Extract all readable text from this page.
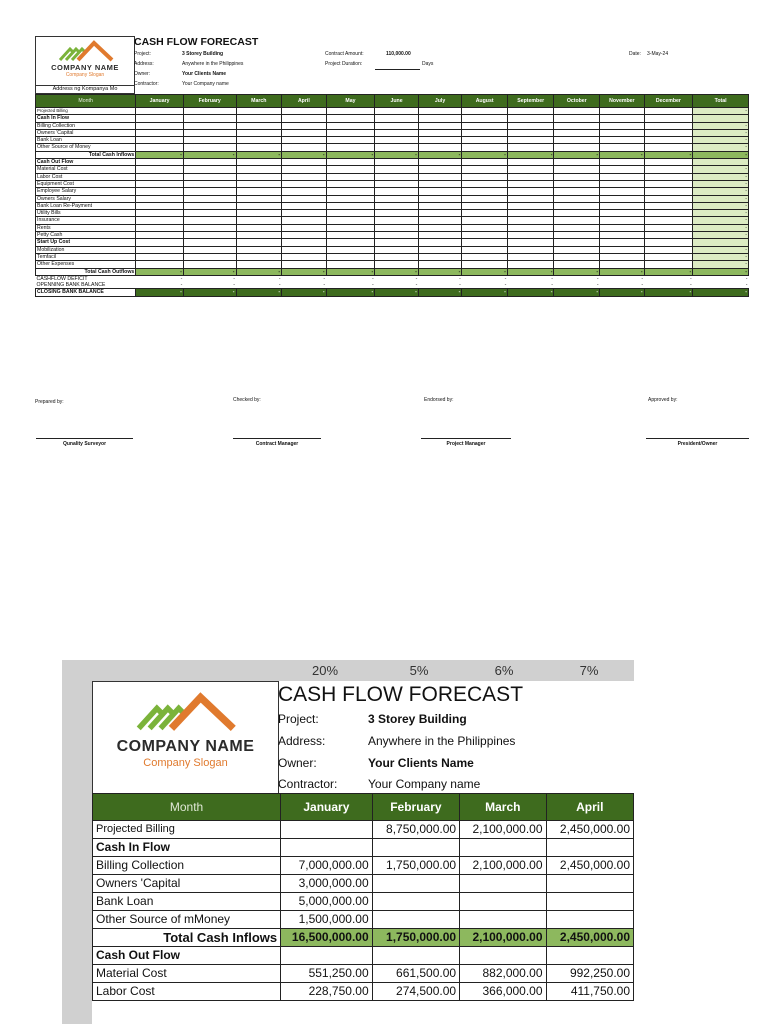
COMPANY NAME
Company Slogan
Address ng Kompanya Mo
CASH FLOW FORECAST
Project:	3 Storey Building
Address:	Anywhere in the Philippines
Owner:	Your Clients Name
Contractor:	Your Company name
Contract Amount:	110,000.00
Project Duration:	Days
Date: 3-May-24
Month	January	February	March	April	May	June	July	August	September	October	November	December	Total
Projected Billing													-
Cash In Flow													
Billing Collection													-
Owners 'Capital													-
Bank Loan													-
Other Source of Money													-
Total Cash Inflows	-	-	-	-	-	-	-	-	-	-	-	-	-
Cash Out Flow													
Material Cost													-
Labor Cost													-
Equipment Cost													-
Employee Salary													-
Owners Salary													-
Bank Loan Re-Payment													-
Utility Bills													-
Insurance													-
Rents													-
Petty Cash													-
Start Up Cost													
Mobilization													-
Temfacil													-
Other Expenses													-
Total Cash Outflows	-	-	-	-	-	-	-	-	-	-	-	-	-
CASHFLOW DEFICIT	-	-	-	-	-	-	-	-	-	-	-	-	-
OPENNING BANK BALANCE	-	-	-	-	-	-	-	-	-	-	-	-	-
CLOSING BANK BALANCE	-	-	-	-	-	-	-	-	-	-	-	-	-
Prepared by:	Checked by:	Endorsed by:	Approved by:
Qunality Surveyor	Contract Manager	Project Manager	President/Owner
20%	5%	6%	7%
COMPANY NAME
Company Slogan
CASH FLOW FORECAST
Project:	3 Storey Building
Address:	Anywhere in the Philippines
Owner:	Your Clients Name
Contractor:	Your Company name
Month	January	February	March	April
Projected Billing		8,750,000.00	2,100,000.00	2,450,000.00
Cash In Flow				
Billing Collection	7,000,000.00	1,750,000.00	2,100,000.00	2,450,000.00
Owners 'Capital	3,000,000.00			
Bank Loan	5,000,000.00			
Other Source of mMoney	1,500,000.00			
Total Cash Inflows	16,500,000.00	1,750,000.00	2,100,000.00	2,450,000.00
Cash Out Flow				
Material Cost	551,250.00	661,500.00	882,000.00	992,250.00
Labor Cost	228,750.00	274,500.00	366,000.00	411,750.00
